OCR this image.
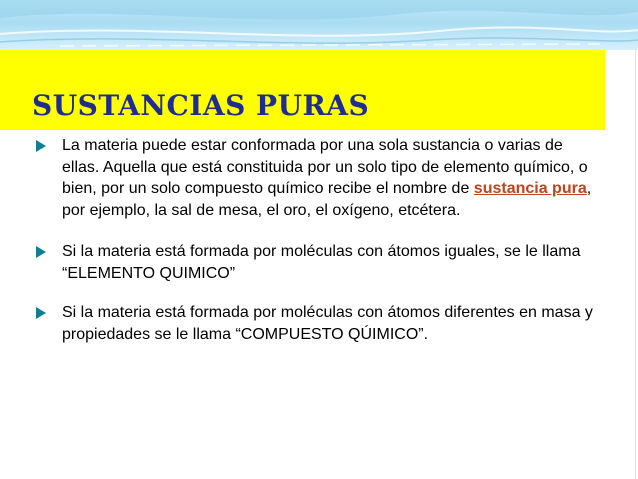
SUSTANCIAS PURAS

La materia puede estar conformada por una sola sustancia o varias de ellas. Aquella que está constituida por un solo tipo de elemento químico, o bien, por un solo compuesto químico recibe el nombre de sustancia pura, por ejemplo, la sal de mesa, el oro, el oxígeno, etcétera.

Si la materia está formada por moléculas con átomos iguales, se le llama “ELEMENTO QUIMICO”

Si la materia está formada por moléculas con átomos diferentes en masa y propiedades se le llama “COMPUESTO QÚIMICO”.
